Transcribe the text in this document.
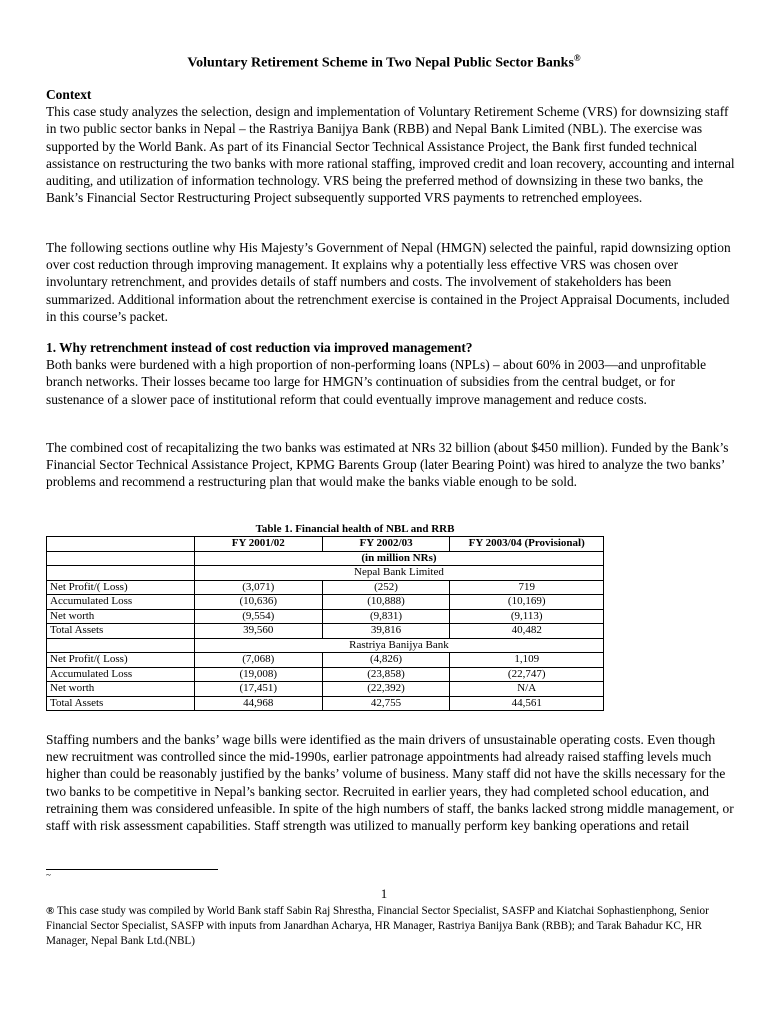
Voluntary Retirement Scheme in Two Nepal Public Sector Banks®
Context

This case study analyzes the selection, design and implementation of Voluntary Retirement Scheme (VRS) for downsizing staff in two public sector banks in Nepal – the Rastriya Banijya Bank (RBB) and Nepal Bank Limited (NBL). The exercise was supported by the World Bank. As part of its Financial Sector Technical Assistance Project, the Bank first funded technical assistance on restructuring the two banks with more rational staffing, improved credit and loan recovery, accounting and internal auditing, and utilization of information technology. VRS being the preferred method of downsizing in these two banks, the Bank’s Financial Sector Restructuring Project subsequently supported VRS payments to retrenched employees.

The following sections outline why His Majesty’s Government of Nepal (HMGN) selected the painful, rapid downsizing option over cost reduction through improving management. It explains why a potentially less effective VRS was chosen over involuntary retrenchment, and provides details of staff numbers and costs. The involvement of stakeholders has been summarized. Additional information about the retrenchment exercise is contained in the Project Appraisal Documents, included in this course’s packet.

1. Why retrenchment instead of cost reduction via improved management?

Both banks were burdened with a high proportion of non-performing loans (NPLs) – about 60% in 2003—and unprofitable branch networks. Their losses became too large for HMGN’s continuation of subsidies from the central budget, or for sustenance of a slower pace of institutional reform that could eventually improve management and reduce costs.

The combined cost of recapitalizing the two banks was estimated at NRs 32 billion (about $450 million). Funded by the Bank’s Financial Sector Technical Assistance Project, KPMG Barents Group (later Bearing Point) was hired to analyze the two banks’ problems and recommend a restructuring plan that would make the banks viable enough to be sold.

Table 1. Financial health of NBL and RRB
	FY 2001/02	FY 2002/03	FY 2003/04 (Provisional)
	(in million NRs)		
	Nepal Bank Limited		
Net Profit/( Loss)	(3,071)	(252)	719
Accumulated Loss	(10,636)	(10,888)	(10,169)
Net worth	(9,554)	(9,831)	(9,113)
Total Assets	39,560	39,816	40,482
	Rastriya Banijya Bank		
Net Profit/( Loss)	(7,068)	(4,826)	1,109
Accumulated Loss	(19,008)	(23,858)	(22,747)
Net worth	(17,451)	(22,392)	N/A
Total Assets	44,968	42,755	44,561

Staffing numbers and the banks’ wage bills were identified as the main drivers of unsustainable operating costs. Even though new recruitment was controlled since the mid-1990s, earlier patronage appointments had already raised staffing levels much higher than could be reasonably justified by the banks’ volume of business. Many staff did not have the skills necessary for the two banks to be competitive in Nepal’s banking sector. Recruited in earlier years, they had completed school education, and retraining them was considered unfeasible. In spite of the high numbers of staff, the banks lacked strong middle management, or staff with risk assessment capabilities. Staff strength was utilized to manually perform key banking operations and retail

~
1
® This case study was compiled by World Bank staff Sabin Raj Shrestha, Financial Sector Specialist, SASFP and Kiatchai Sophastienphong, Senior Financial Sector Specialist, SASFP with inputs from Janardhan Acharya, HR Manager, Rastriya Banijya Bank (RBB); and Tarak Bahadur KC, HR Manager, Nepal Bank Ltd.(NBL)
